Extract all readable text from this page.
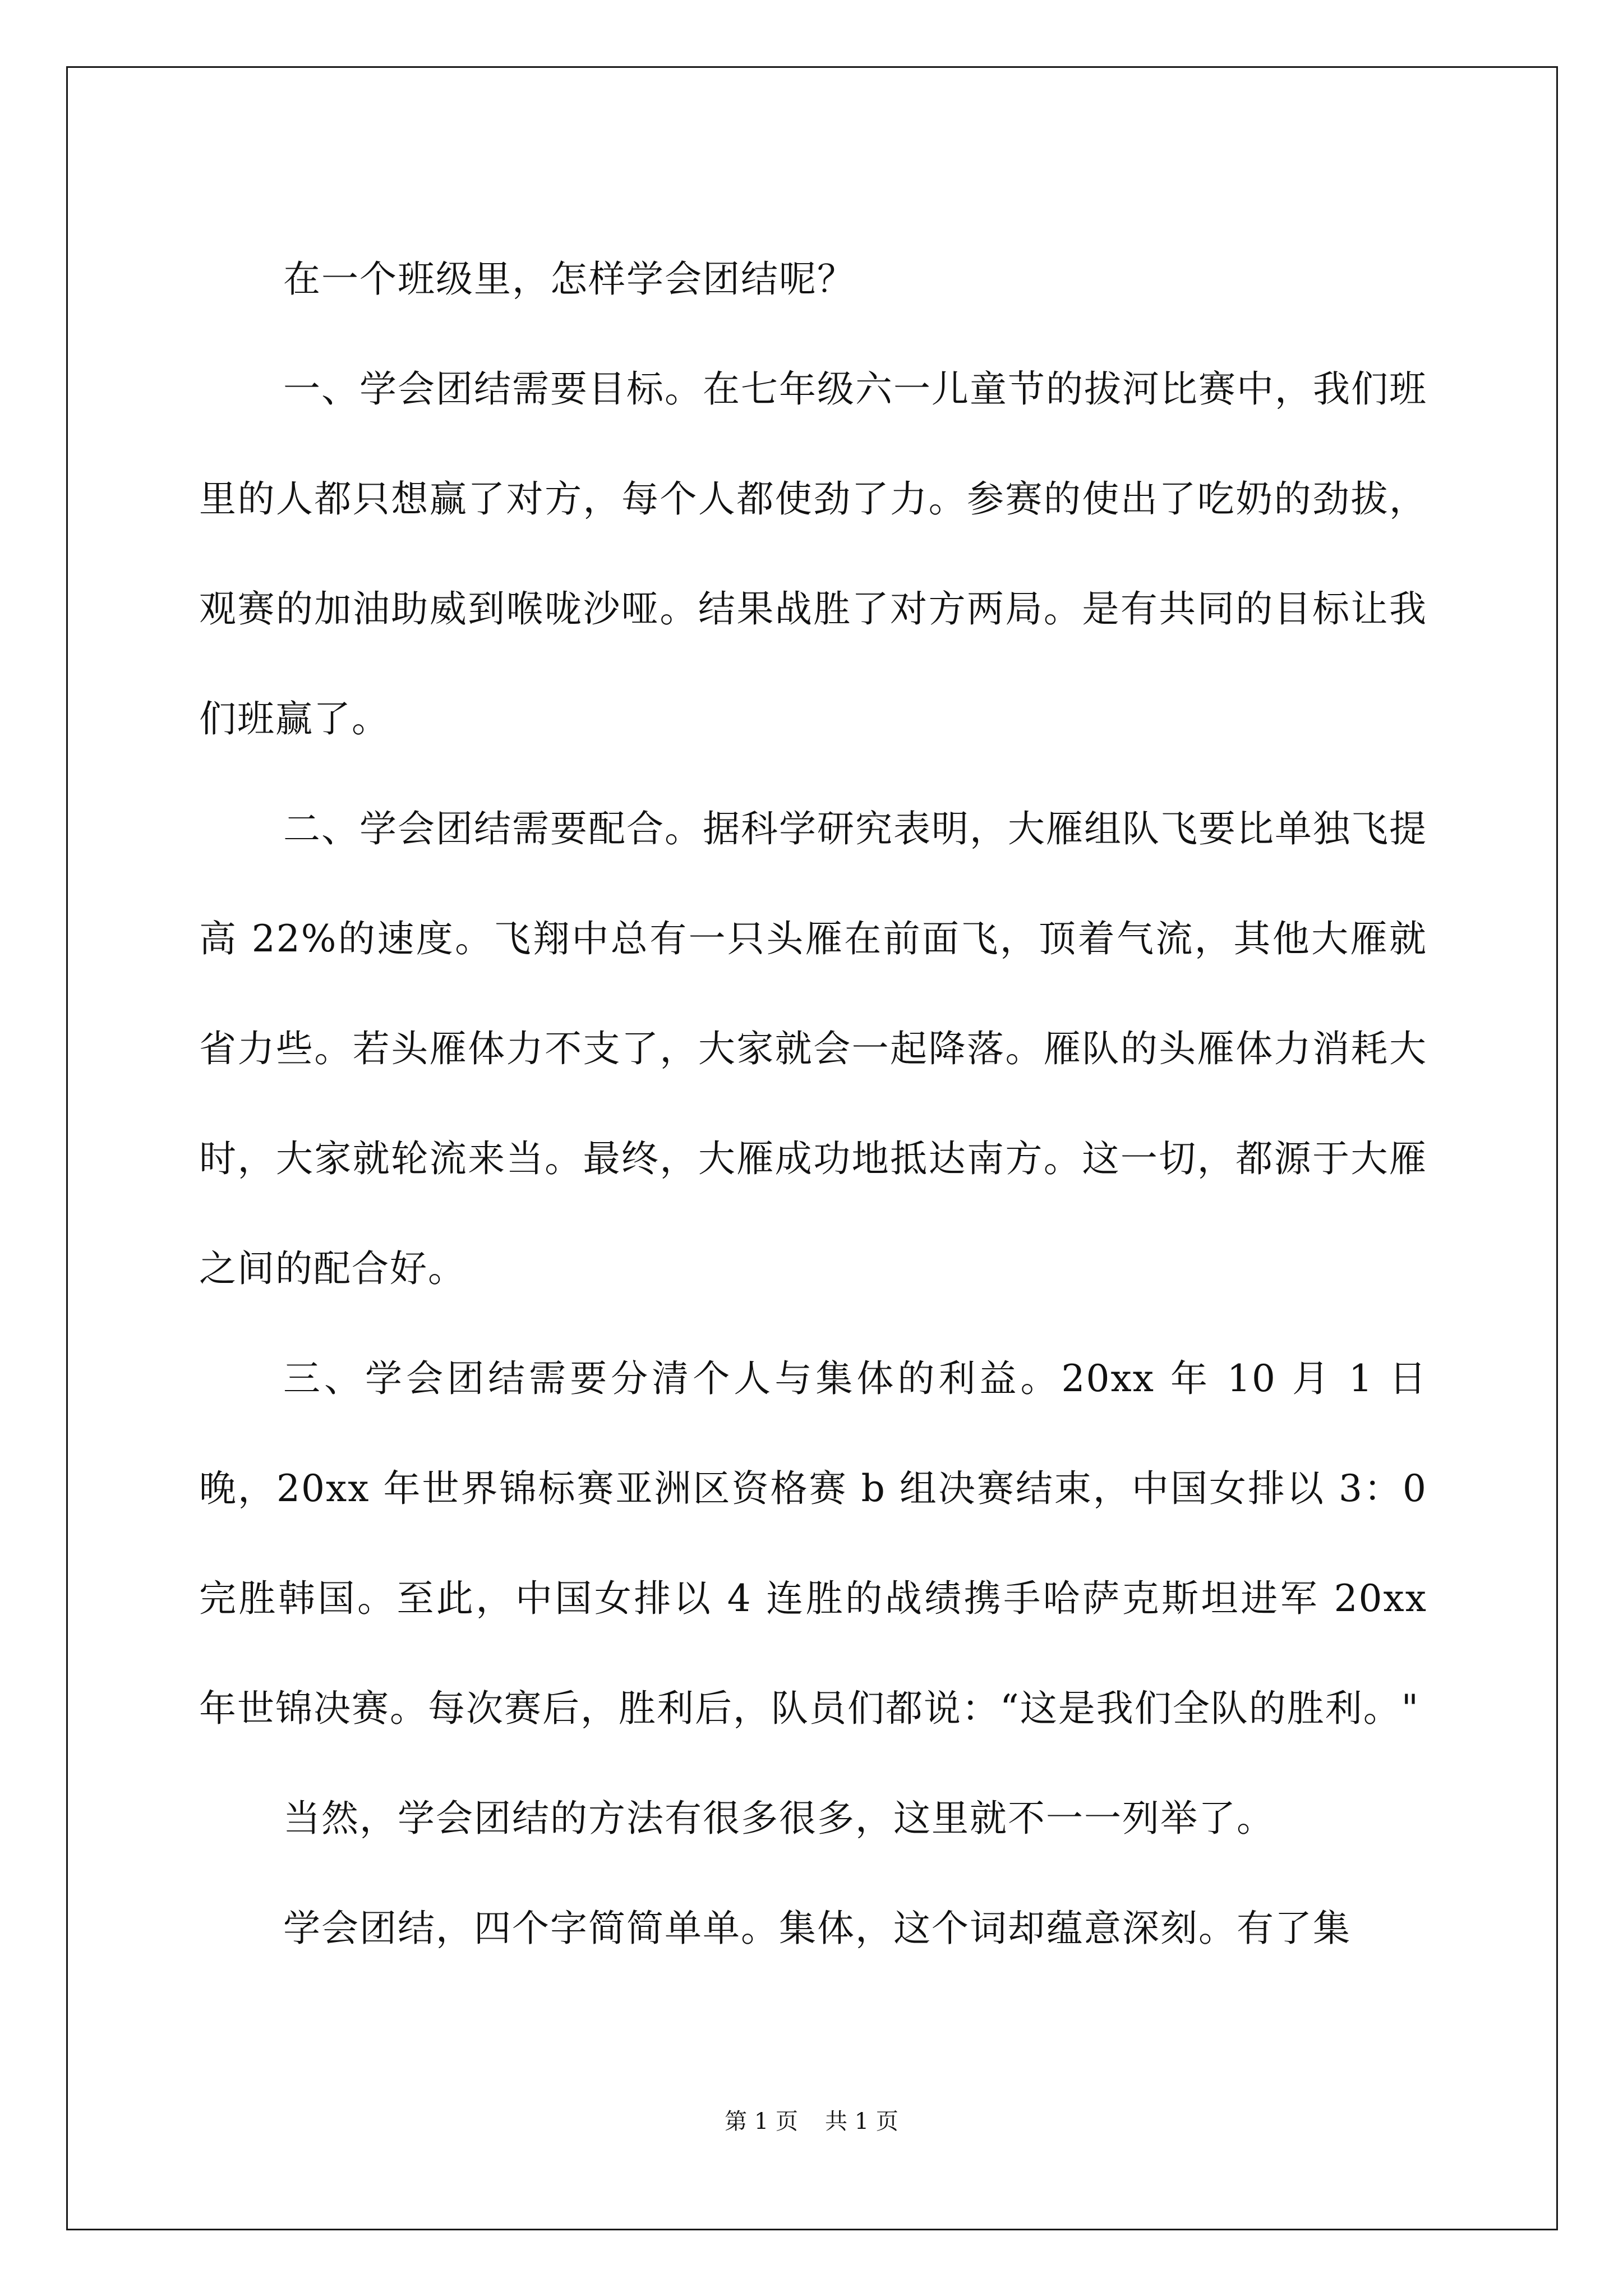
在一个班级里，怎样学会团结呢？

一、学会团结需要目标。在七年级六一儿童节的拔河比赛中，我们班里的人都只想赢了对方，每个人都使劲了力。参赛的使出了吃奶的劲拔，观赛的加油助威到喉咙沙哑。结果战胜了对方两局。是有共同的目标让我们班赢了。

二、学会团结需要配合。据科学研究表明，大雁组队飞要比单独飞提高 22%的速度。飞翔中总有一只头雁在前面飞，顶着气流，其他大雁就省力些。若头雁体力不支了，大家就会一起降落。雁队的头雁体力消耗大时，大家就轮流来当。最终，大雁成功地抵达南方。这一切，都源于大雁之间的配合好。

三、学会团结需要分清个人与集体的利益。20xx 年 10 月 1 日晚，20xx 年世界锦标赛亚洲区资格赛 b 组决赛结束，中国女排以 3：0 完胜韩国。至此，中国女排以 4 连胜的战绩携手哈萨克斯坦进军 20xx 年世锦决赛。每次赛后，胜利后，队员们都说：“这是我们全队的胜利。"

当然，学会团结的方法有很多很多，这里就不一一列举了。

学会团结，四个字简简单单。集体，这个词却蕴意深刻。有了集

第 1 页 共 1 页
